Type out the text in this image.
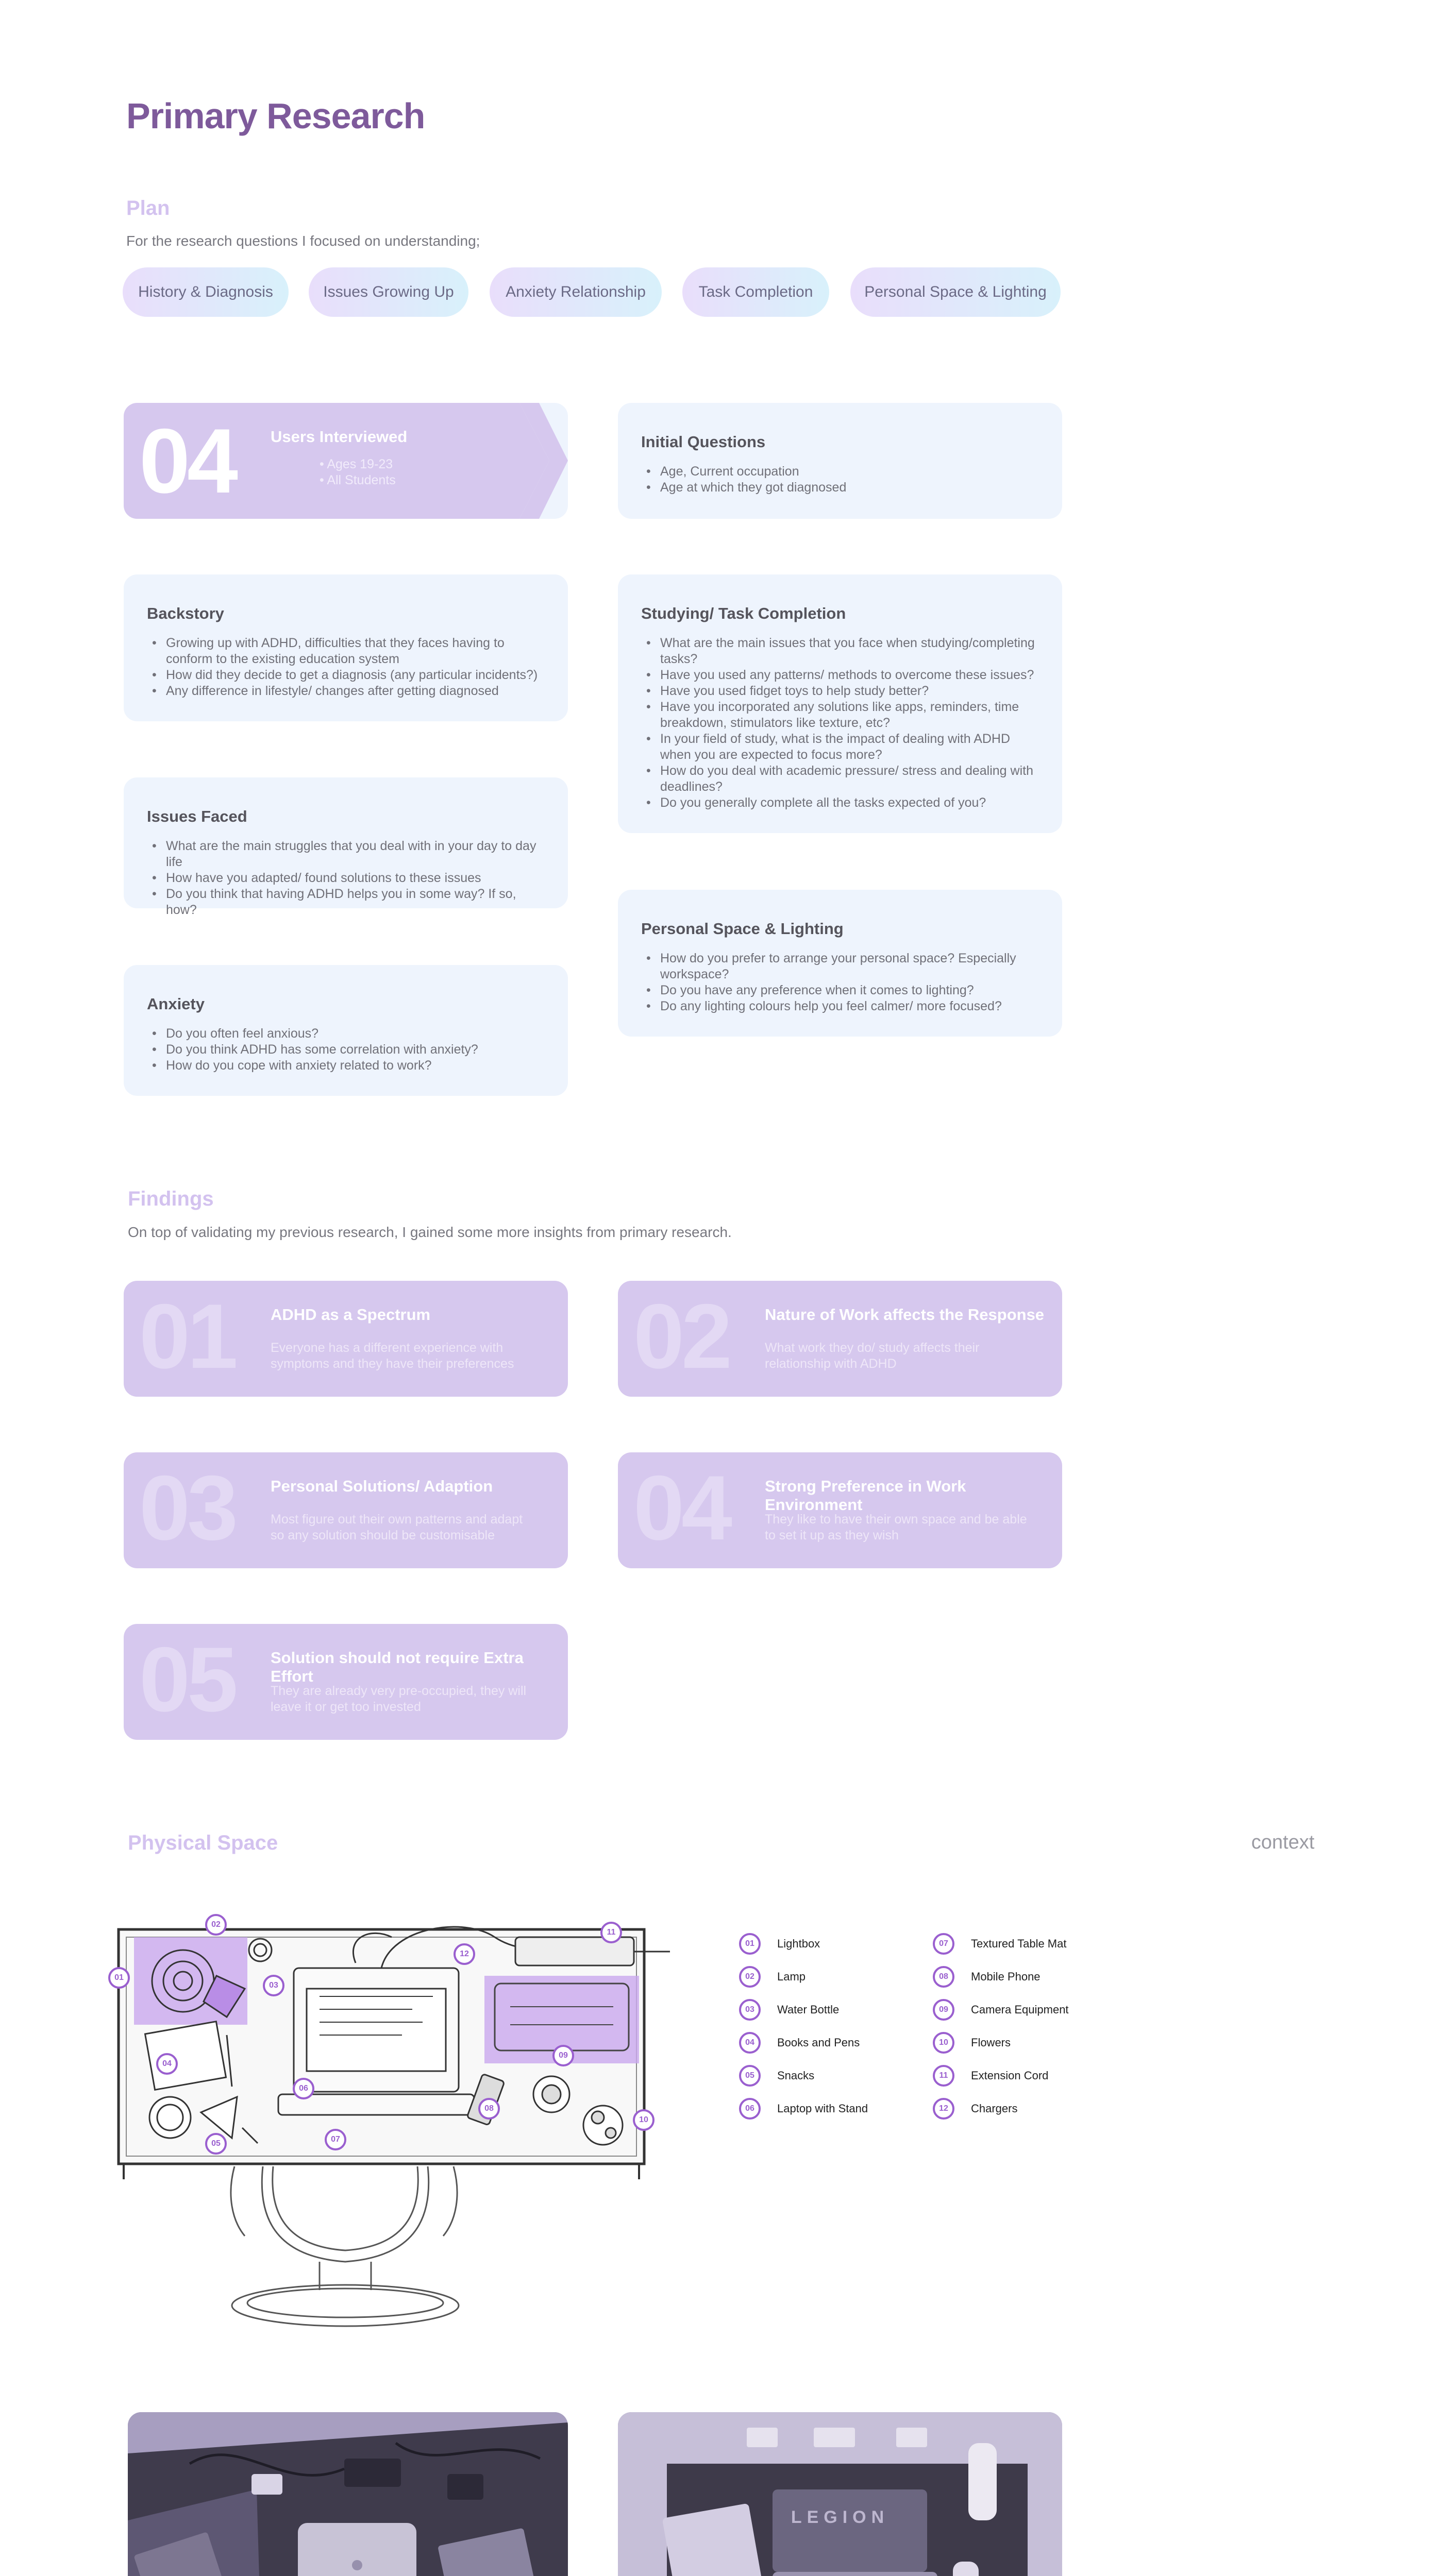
Primary Research
Plan
For the research questions I focused on understanding;
History & Diagnosis	Issues Growing Up	Anxiety Relationship	Task Completion	Personal Space & Lighting
04 Users Interviewed
• Ages 19-23
• All Students
Initial Questions
• Age, Current occupation
• Age at which they got diagnosed
Backstory
• Growing up with ADHD, difficulties that they faces having to conform to the existing education system
• How did they decide to get a diagnosis (any particular incidents?)
• Any difference in lifestyle/ changes after getting diagnosed
Studying/ Task Completion
• What are the main issues that you face when studying/completing tasks?
• Have you used any patterns/ methods to overcome these issues?
• Have you used fidget toys to help study better?
• Have you incorporated any solutions like apps, reminders, time breakdown, stimulators like texture, etc?
• In your field of study, what is the impact of dealing with ADHD when you are expected to focus more?
• How do you deal with academic pressure/ stress and dealing with deadlines?
• Do you generally complete all the tasks expected of you?
Issues Faced
• What are the main struggles that you deal with in your day to day life
• How have you adapted/ found solutions to these issues
• Do you think that having ADHD helps you in some way? If so, how?
Personal Space & Lighting
• How do you prefer to arrange your personal space? Especially workspace?
• Do you have any preference when it comes to lighting?
• Do any lighting colours help you feel calmer/ more focused?
Anxiety
• Do you often feel anxious?
• Do you think ADHD has some correlation with anxiety?
• How do you cope with anxiety related to work?
Findings
On top of validating my previous research, I gained some more insights from primary research.
01 ADHD as a Spectrum
Everyone has a different experience with symptoms and they have their preferences 02 Nature of Work affects the Response
What work they do/ study affects their relationship with ADHD
03 Personal Solutions/ Adaption
Most figure out their own patterns and adapt so any solution should be customisable	04 Strong Preference in Work Environment
They like to have their own space and be able to set it up as they wish
05 Solution should not require Extra Effort
They are already very pre-occupied, they will leave it or get too invested
Physical Space	context
01
02
03
04
05
06
07
08
09
10
11
12
01	Lightbox
02	Lamp
03	Water Bottle
04	Books and Pens
05	Snacks
06	Laptop with Stand
07	Textured Table Mat
08	Mobile Phone
09	Camera Equipment
10	Flowers
11	Extension Cord
12	Chargers
LEGION
